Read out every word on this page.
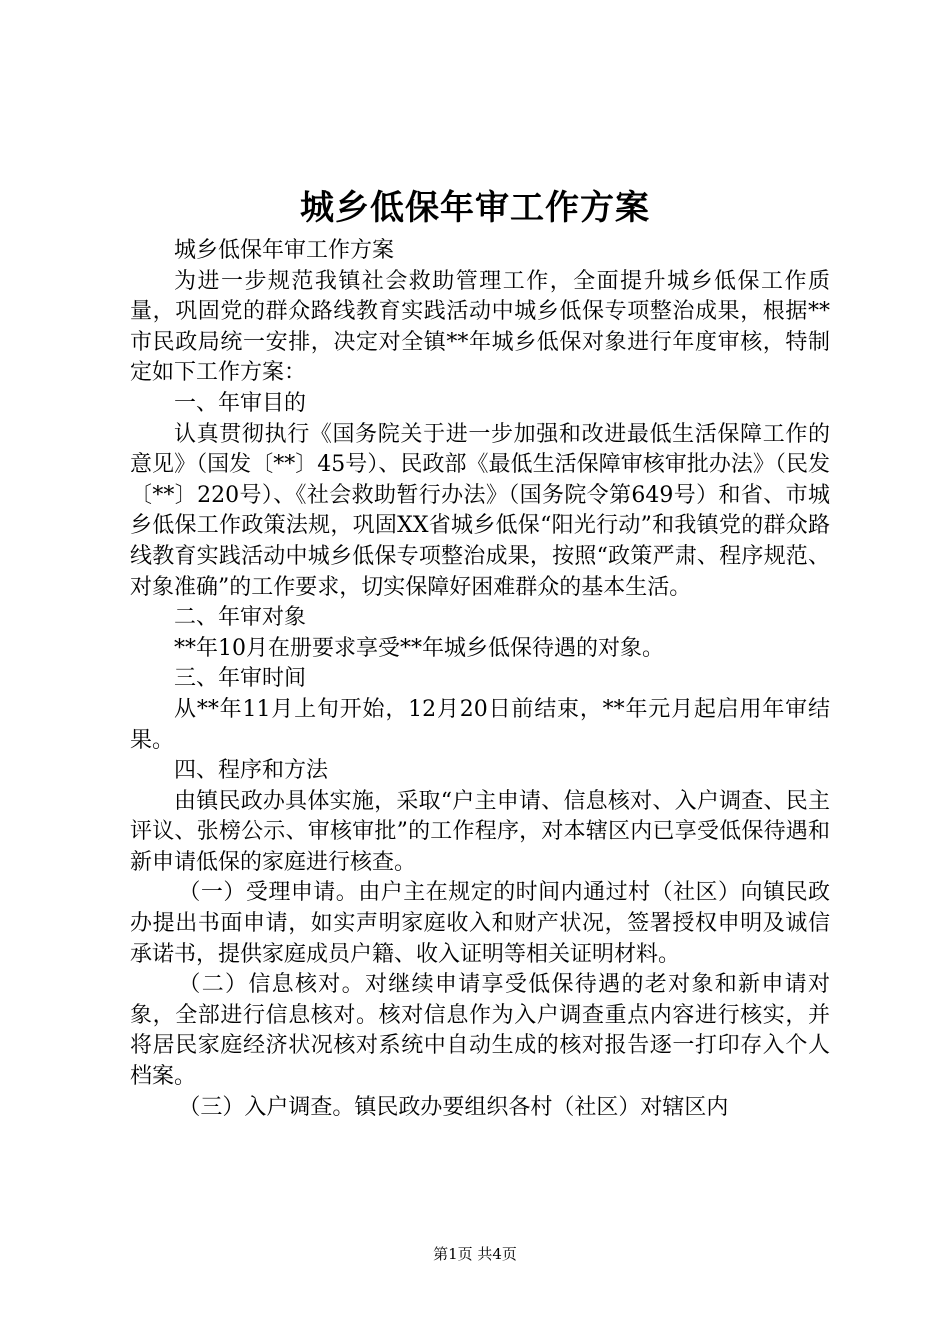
城乡低保年审工作方案

城乡低保年审工作方案

为进一步规范我镇社会救助管理工作，全面提升城乡低保工作质量，巩固党的群众路线教育实践活动中城乡低保专项整治成果，根据**市民政局统一安排，决定对全镇**年城乡低保对象进行年度审核，特制定如下工作方案：

一、年审目的

认真贯彻执行《国务院关于进一步加强和改进最低生活保障工作的意见》（国发〔**〕45号）、民政部《最低生活保障审核审批办法》（民发〔**〕220号）、《社会救助暂行办法》（国务院令第649号）和省、市城乡低保工作政策法规，巩固XX省城乡低保“阳光行动”和我镇党的群众路线教育实践活动中城乡低保专项整治成果，按照“政策严肃、程序规范、对象准确”的工作要求，切实保障好困难群众的基本生活。

二、年审对象

**年10月在册要求享受**年城乡低保待遇的对象。

三、年审时间

从**年11月上旬开始，12月20日前结束，**年元月起启用年审结果。

四、程序和方法

由镇民政办具体实施，采取“户主申请、信息核对、入户调查、民主评议、张榜公示、审核审批”的工作程序，对本辖区内已享受低保待遇和新申请低保的家庭进行核查。

（一）受理申请。由户主在规定的时间内通过村（社区）向镇民政办提出书面申请，如实声明家庭收入和财产状况，签署授权申明及诚信承诺书，提供家庭成员户籍、收入证明等相关证明材料。

（二）信息核对。对继续申请享受低保待遇的老对象和新申请对象，全部进行信息核对。核对信息作为入户调查重点内容进行核实，并将居民家庭经济状况核对系统中自动生成的核对报告逐一打印存入个人档案。

（三）入户调查。镇民政办要组织各村（社区）对辖区内

第1页 共4页
